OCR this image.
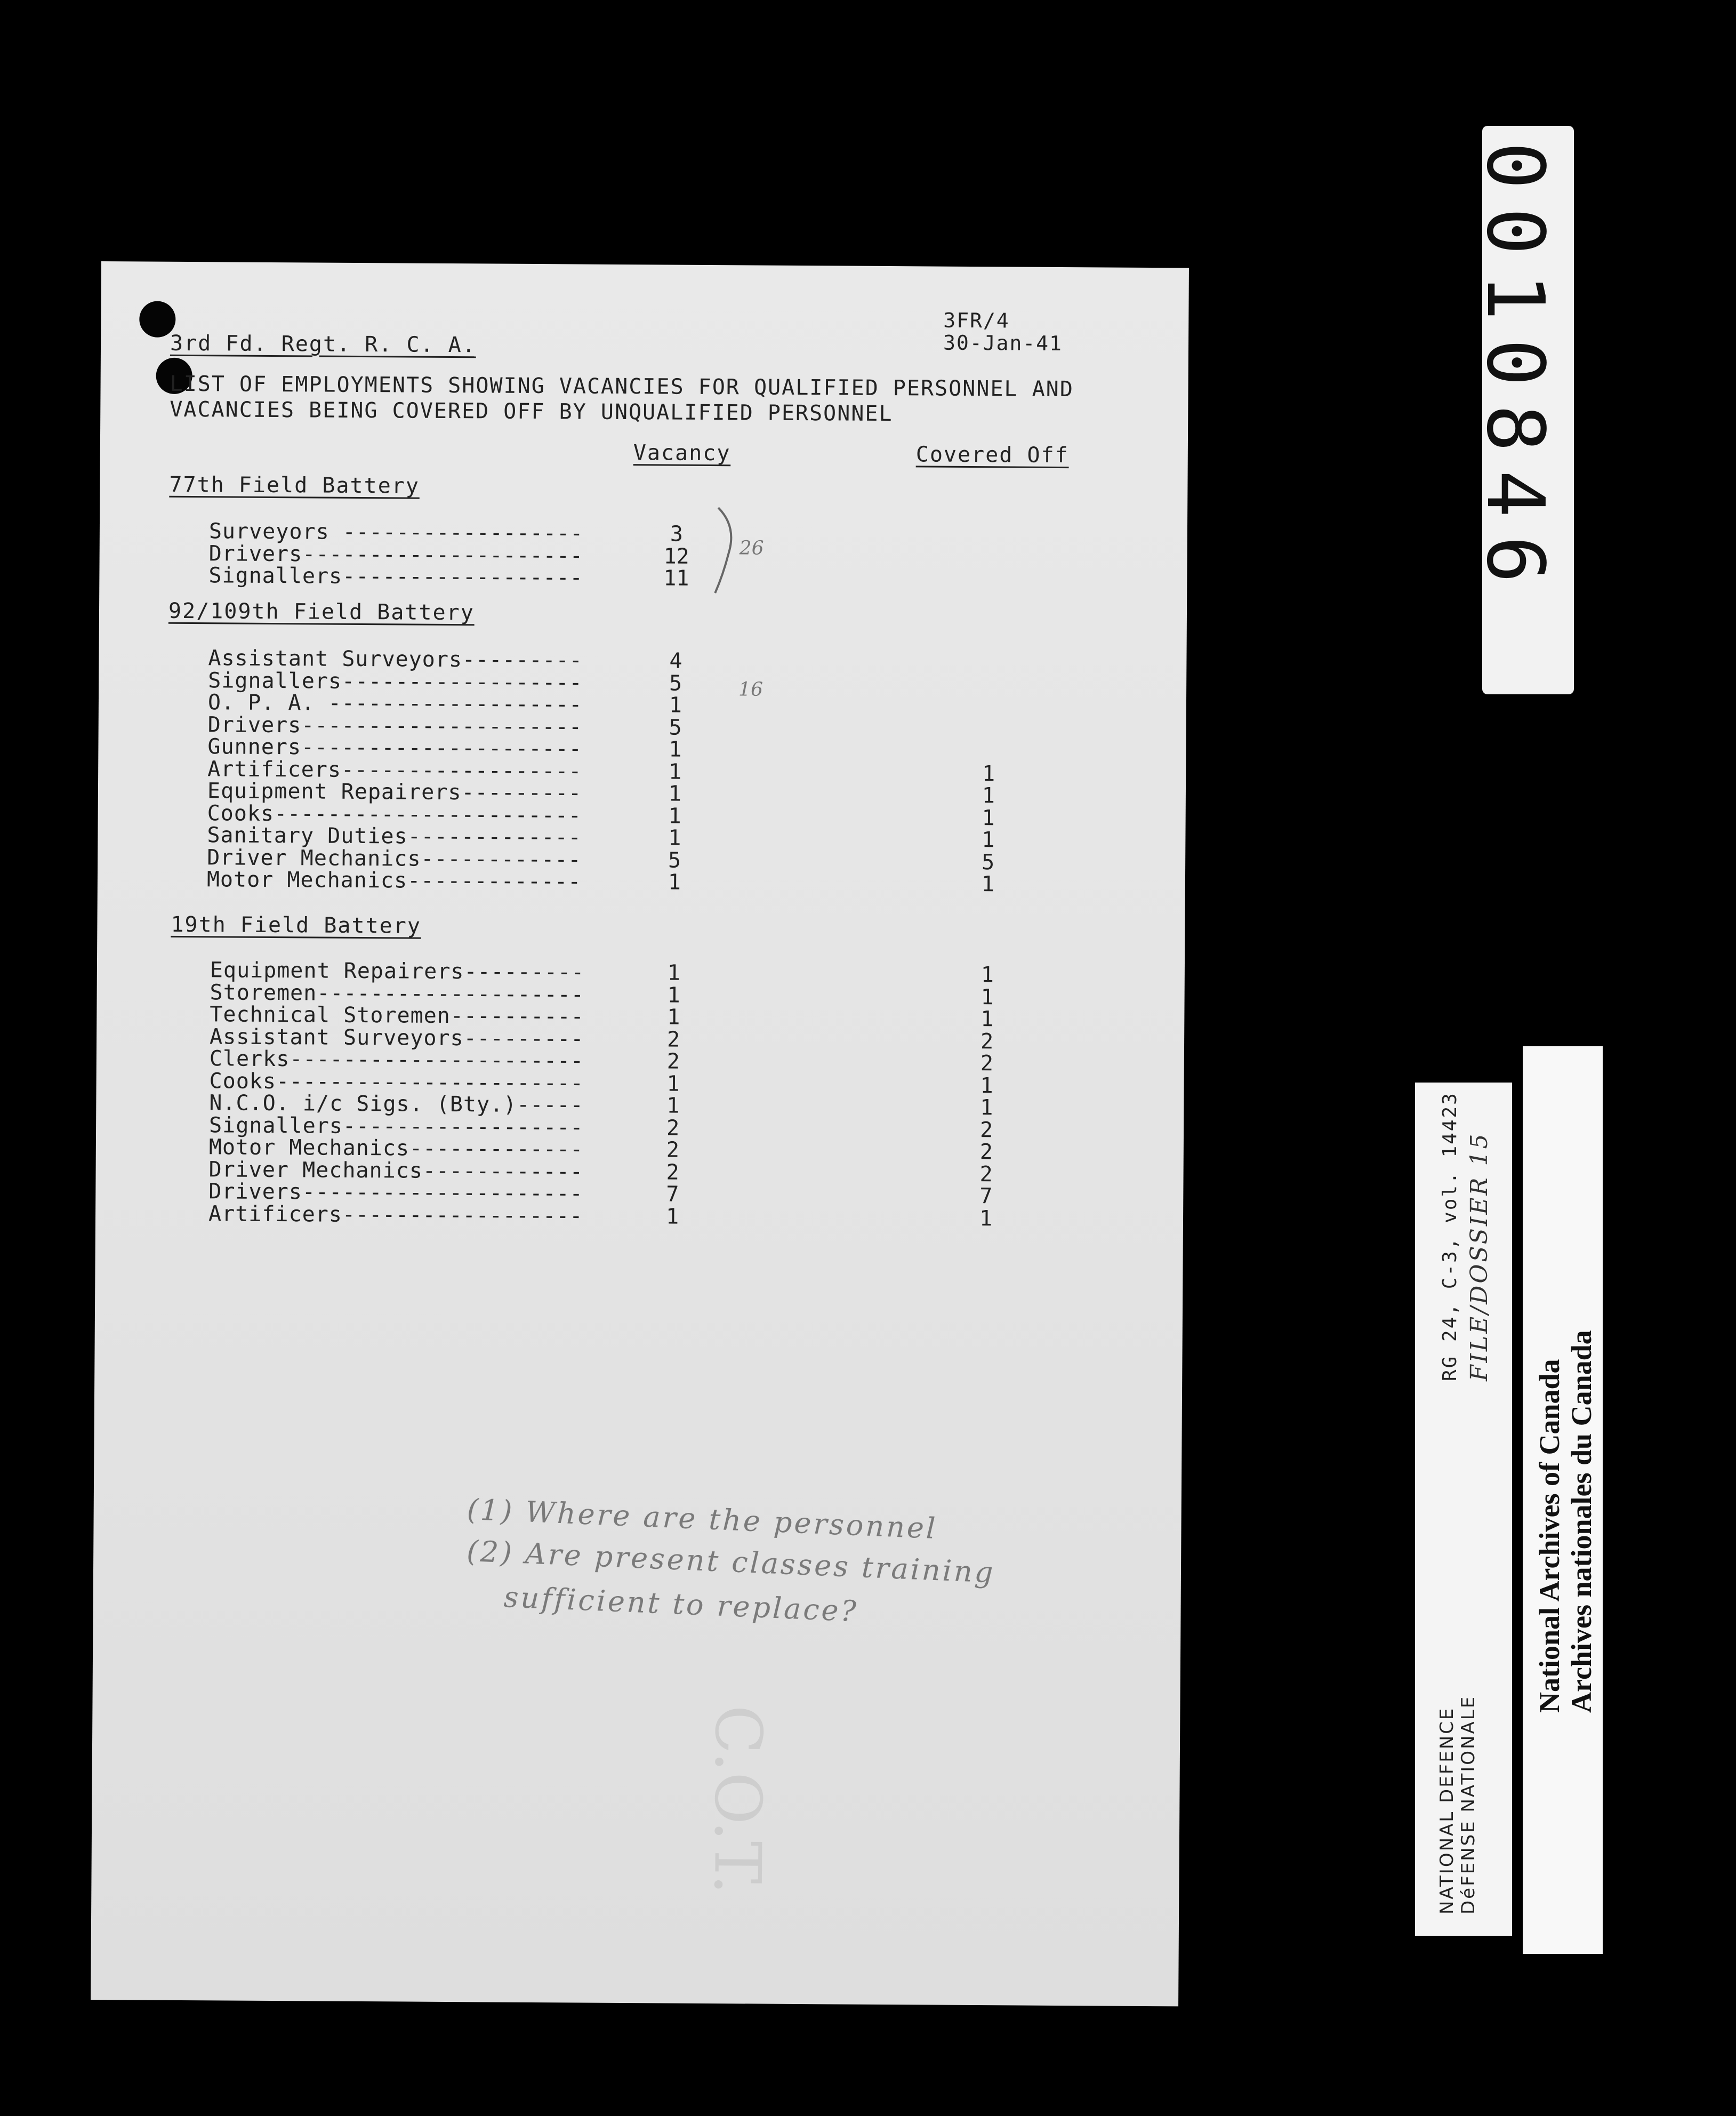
3FR/4
30-Jan-41
3rd Fd. Regt. R. C. A.
LIST OF EMPLOYMENTS SHOWING VACANCIES FOR QUALIFIED PERSONNEL AND
VACANCIES BEING COVERED OFF BY UNQUALIFIED PERSONNEL
Vacancy	Covered Off
77th Field Battery
Surveyors ------------------	3
Drivers---------------------	12
Signallers------------------	11
92/109th Field Battery
Assistant Surveyors---------	4
Signallers------------------	5
O. P. A. -------------------	1
Drivers---------------------	5
Gunners---------------------	1
Artificers------------------	1	1
Equipment Repairers---------	1	1
Cooks-----------------------	1	1
Sanitary Duties-------------	1	1
Driver Mechanics------------	5	5
Motor Mechanics-------------	1	1
19th Field Battery
Equipment Repairers---------	1	1
Storemen--------------------	1	1
Technical Storemen----------	1	1
Assistant Surveyors---------	2	2
Clerks----------------------	2	2
Cooks-----------------------	1	1
N.C.O. i/c Sigs. (Bty.)-----	1	1
Signallers------------------	2	2
Motor Mechanics-------------	2	2
Driver Mechanics------------	2	2
Drivers---------------------	7	7
Artificers------------------	1	1
26
16
(1) Where are the personnel
(2) Are present classes training
sufficient to replace?
C.O.T.
0010846
NATIONAL DEFENCE DéFENSE NATIONALE
RG 24, C-3, vol. 14423 FILE/DOSSIER 15
National Archives of Canada Archives nationales du Canada
